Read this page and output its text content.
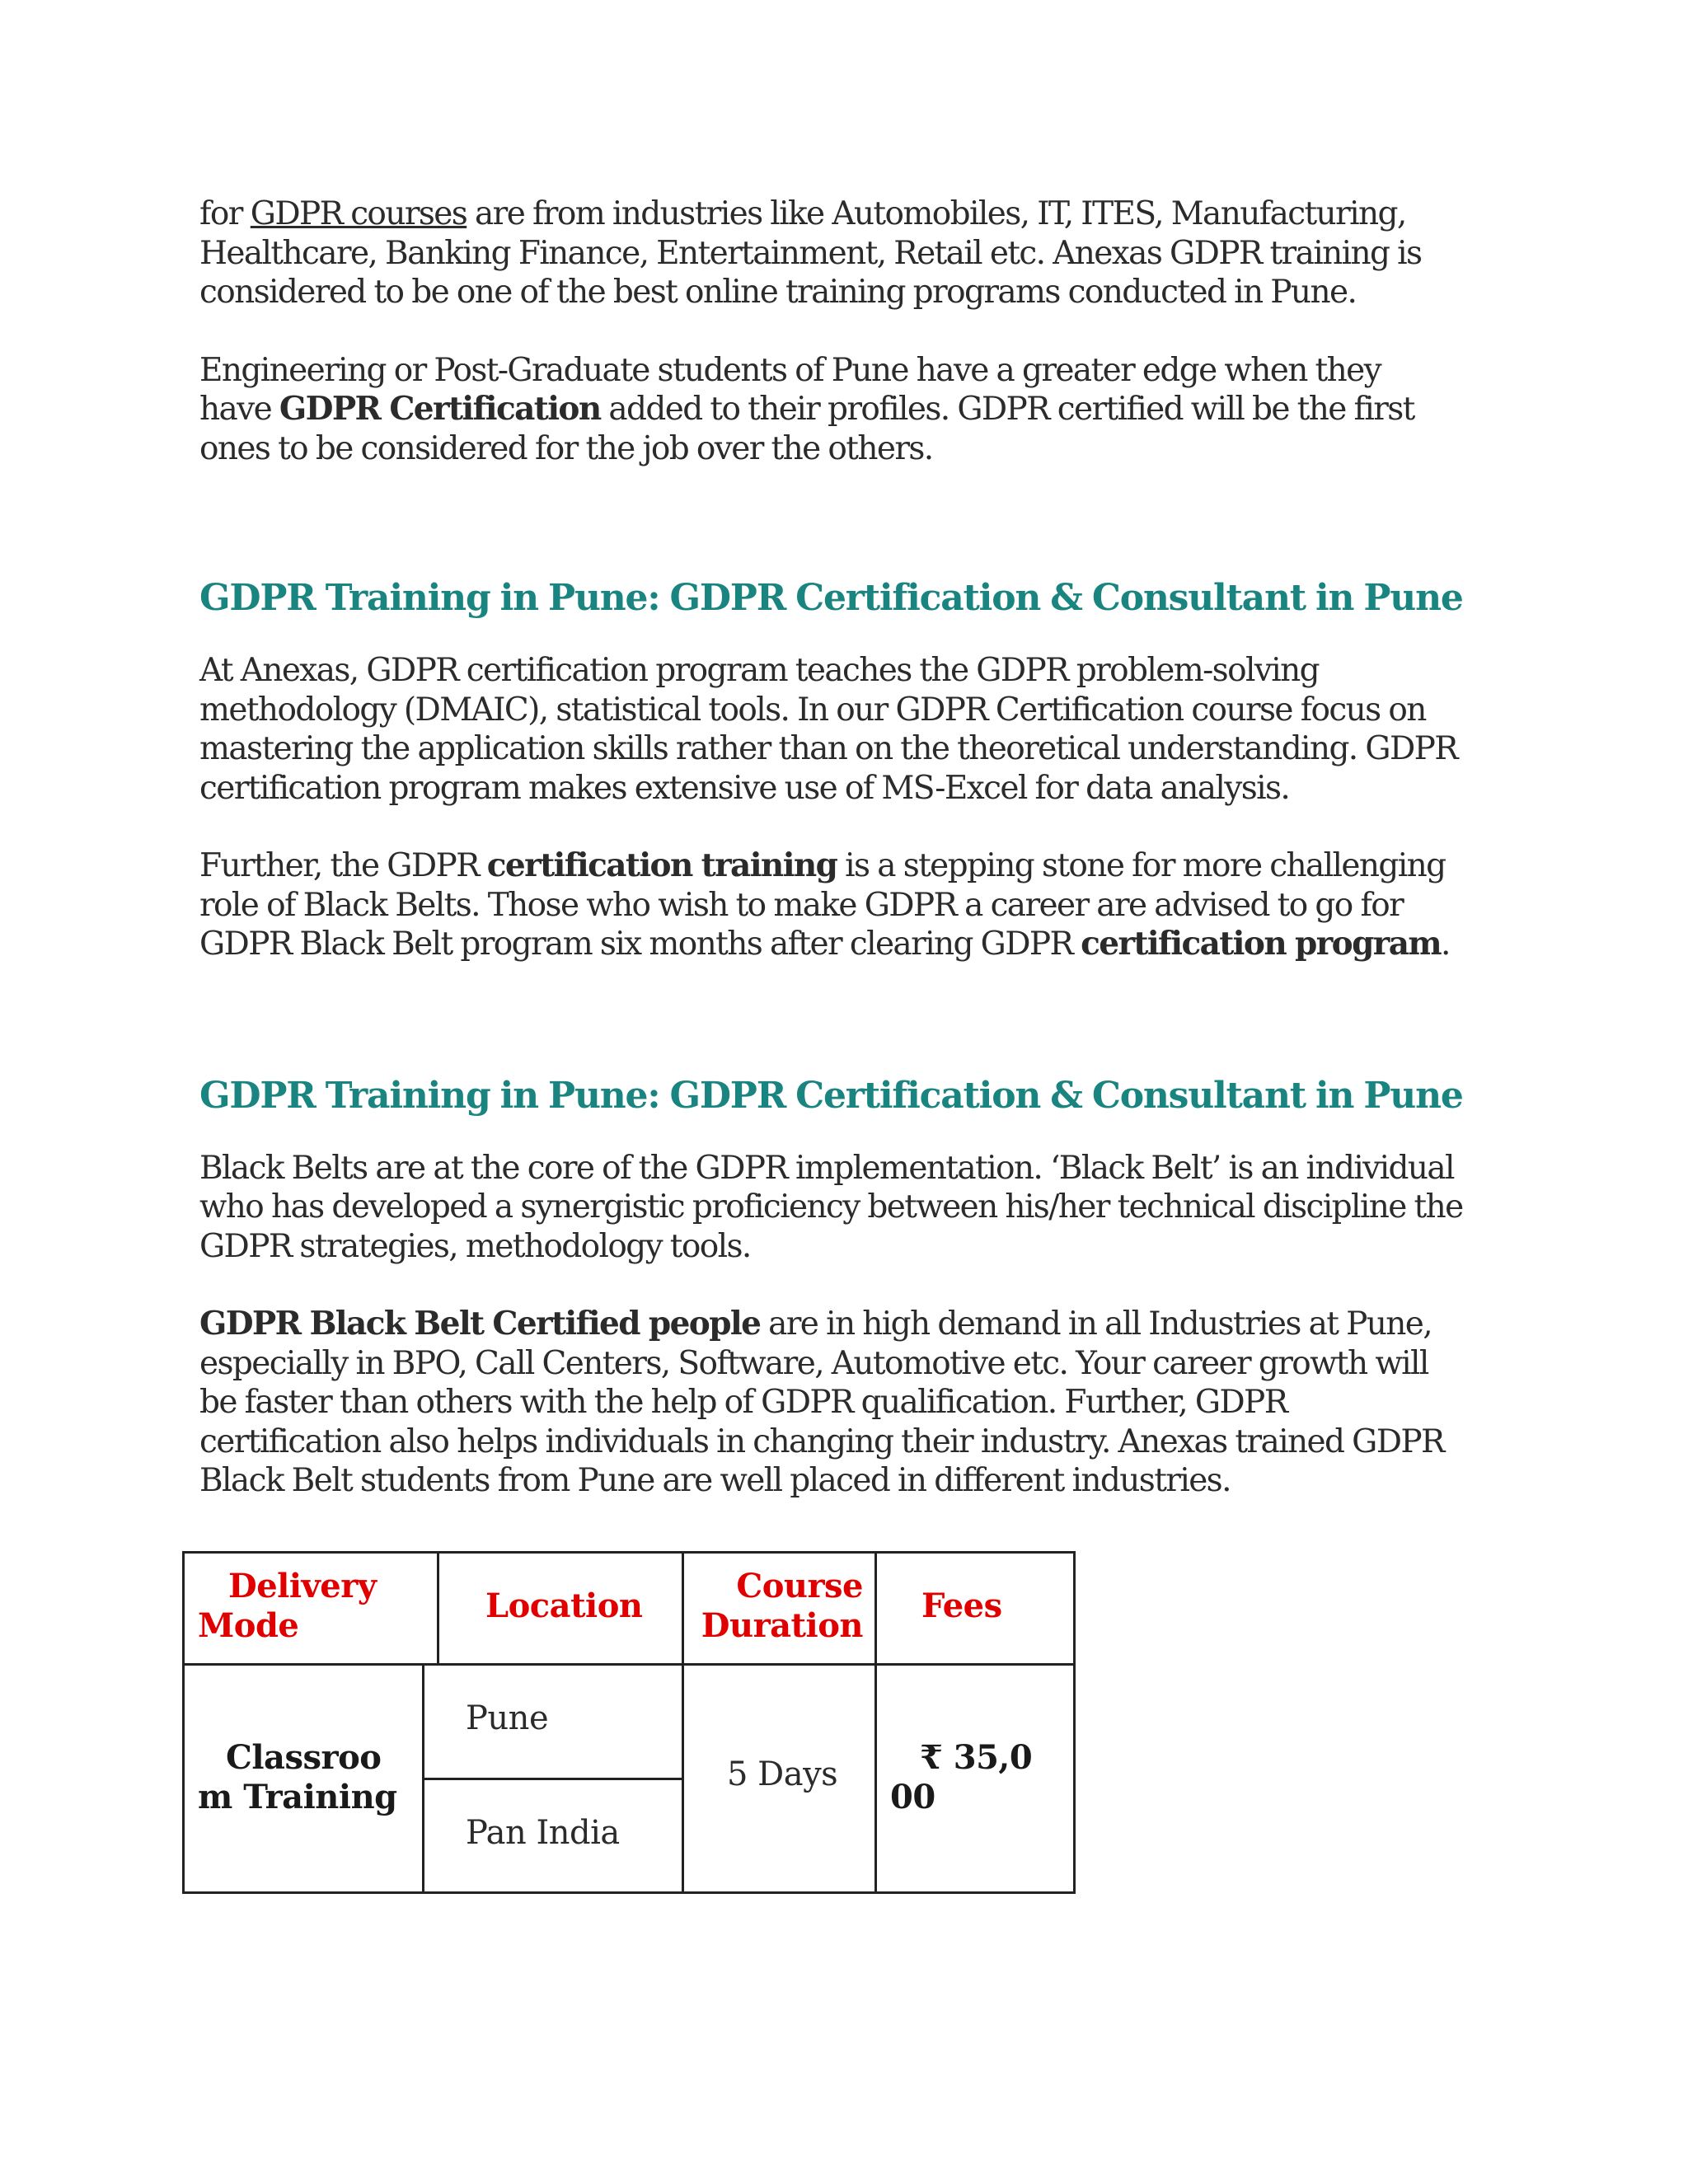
for GDPR courses are from industries like Automobiles, IT, ITES, Manufacturing,
Healthcare, Banking Finance, Entertainment, Retail etc. Anexas GDPR training is
considered to be one of the best online training programs conducted in Pune.

Engineering or Post-Graduate students of Pune have a greater edge when they
have GDPR Certification added to their profiles. GDPR certified will be the first
ones to be considered for the job over the others.

GDPR Training in Pune: GDPR Certification & Consultant in Pune

At Anexas, GDPR certification program teaches the GDPR problem-solving
methodology (DMAIC), statistical tools. In our GDPR Certification course focus on
mastering the application skills rather than on the theoretical understanding. GDPR
certification program makes extensive use of MS-Excel for data analysis.

Further, the GDPR certification training is a stepping stone for more challenging
role of Black Belts. Those who wish to make GDPR a career are advised to go for
GDPR Black Belt program six months after clearing GDPR certification program.

GDPR Training in Pune: GDPR Certification & Consultant in Pune

Black Belts are at the core of the GDPR implementation. ‘Black Belt’ is an individual
who has developed a synergistic proficiency between his/her technical discipline the
GDPR strategies, methodology tools.

GDPR Black Belt Certified people are in high demand in all Industries at Pune,
especially in BPO, Call Centers, Software, Automotive etc. Your career growth will
be faster than others with the help of GDPR qualification. Further, GDPR
certification also helps individuals in changing their industry. Anexas trained GDPR
Black Belt students from Pune are well placed in different industries.

Delivery
Mode
Location
Course
Duration
Fees
Classroo
m Training
Pune
Pan India
5 Days	₹ 35,0
00
